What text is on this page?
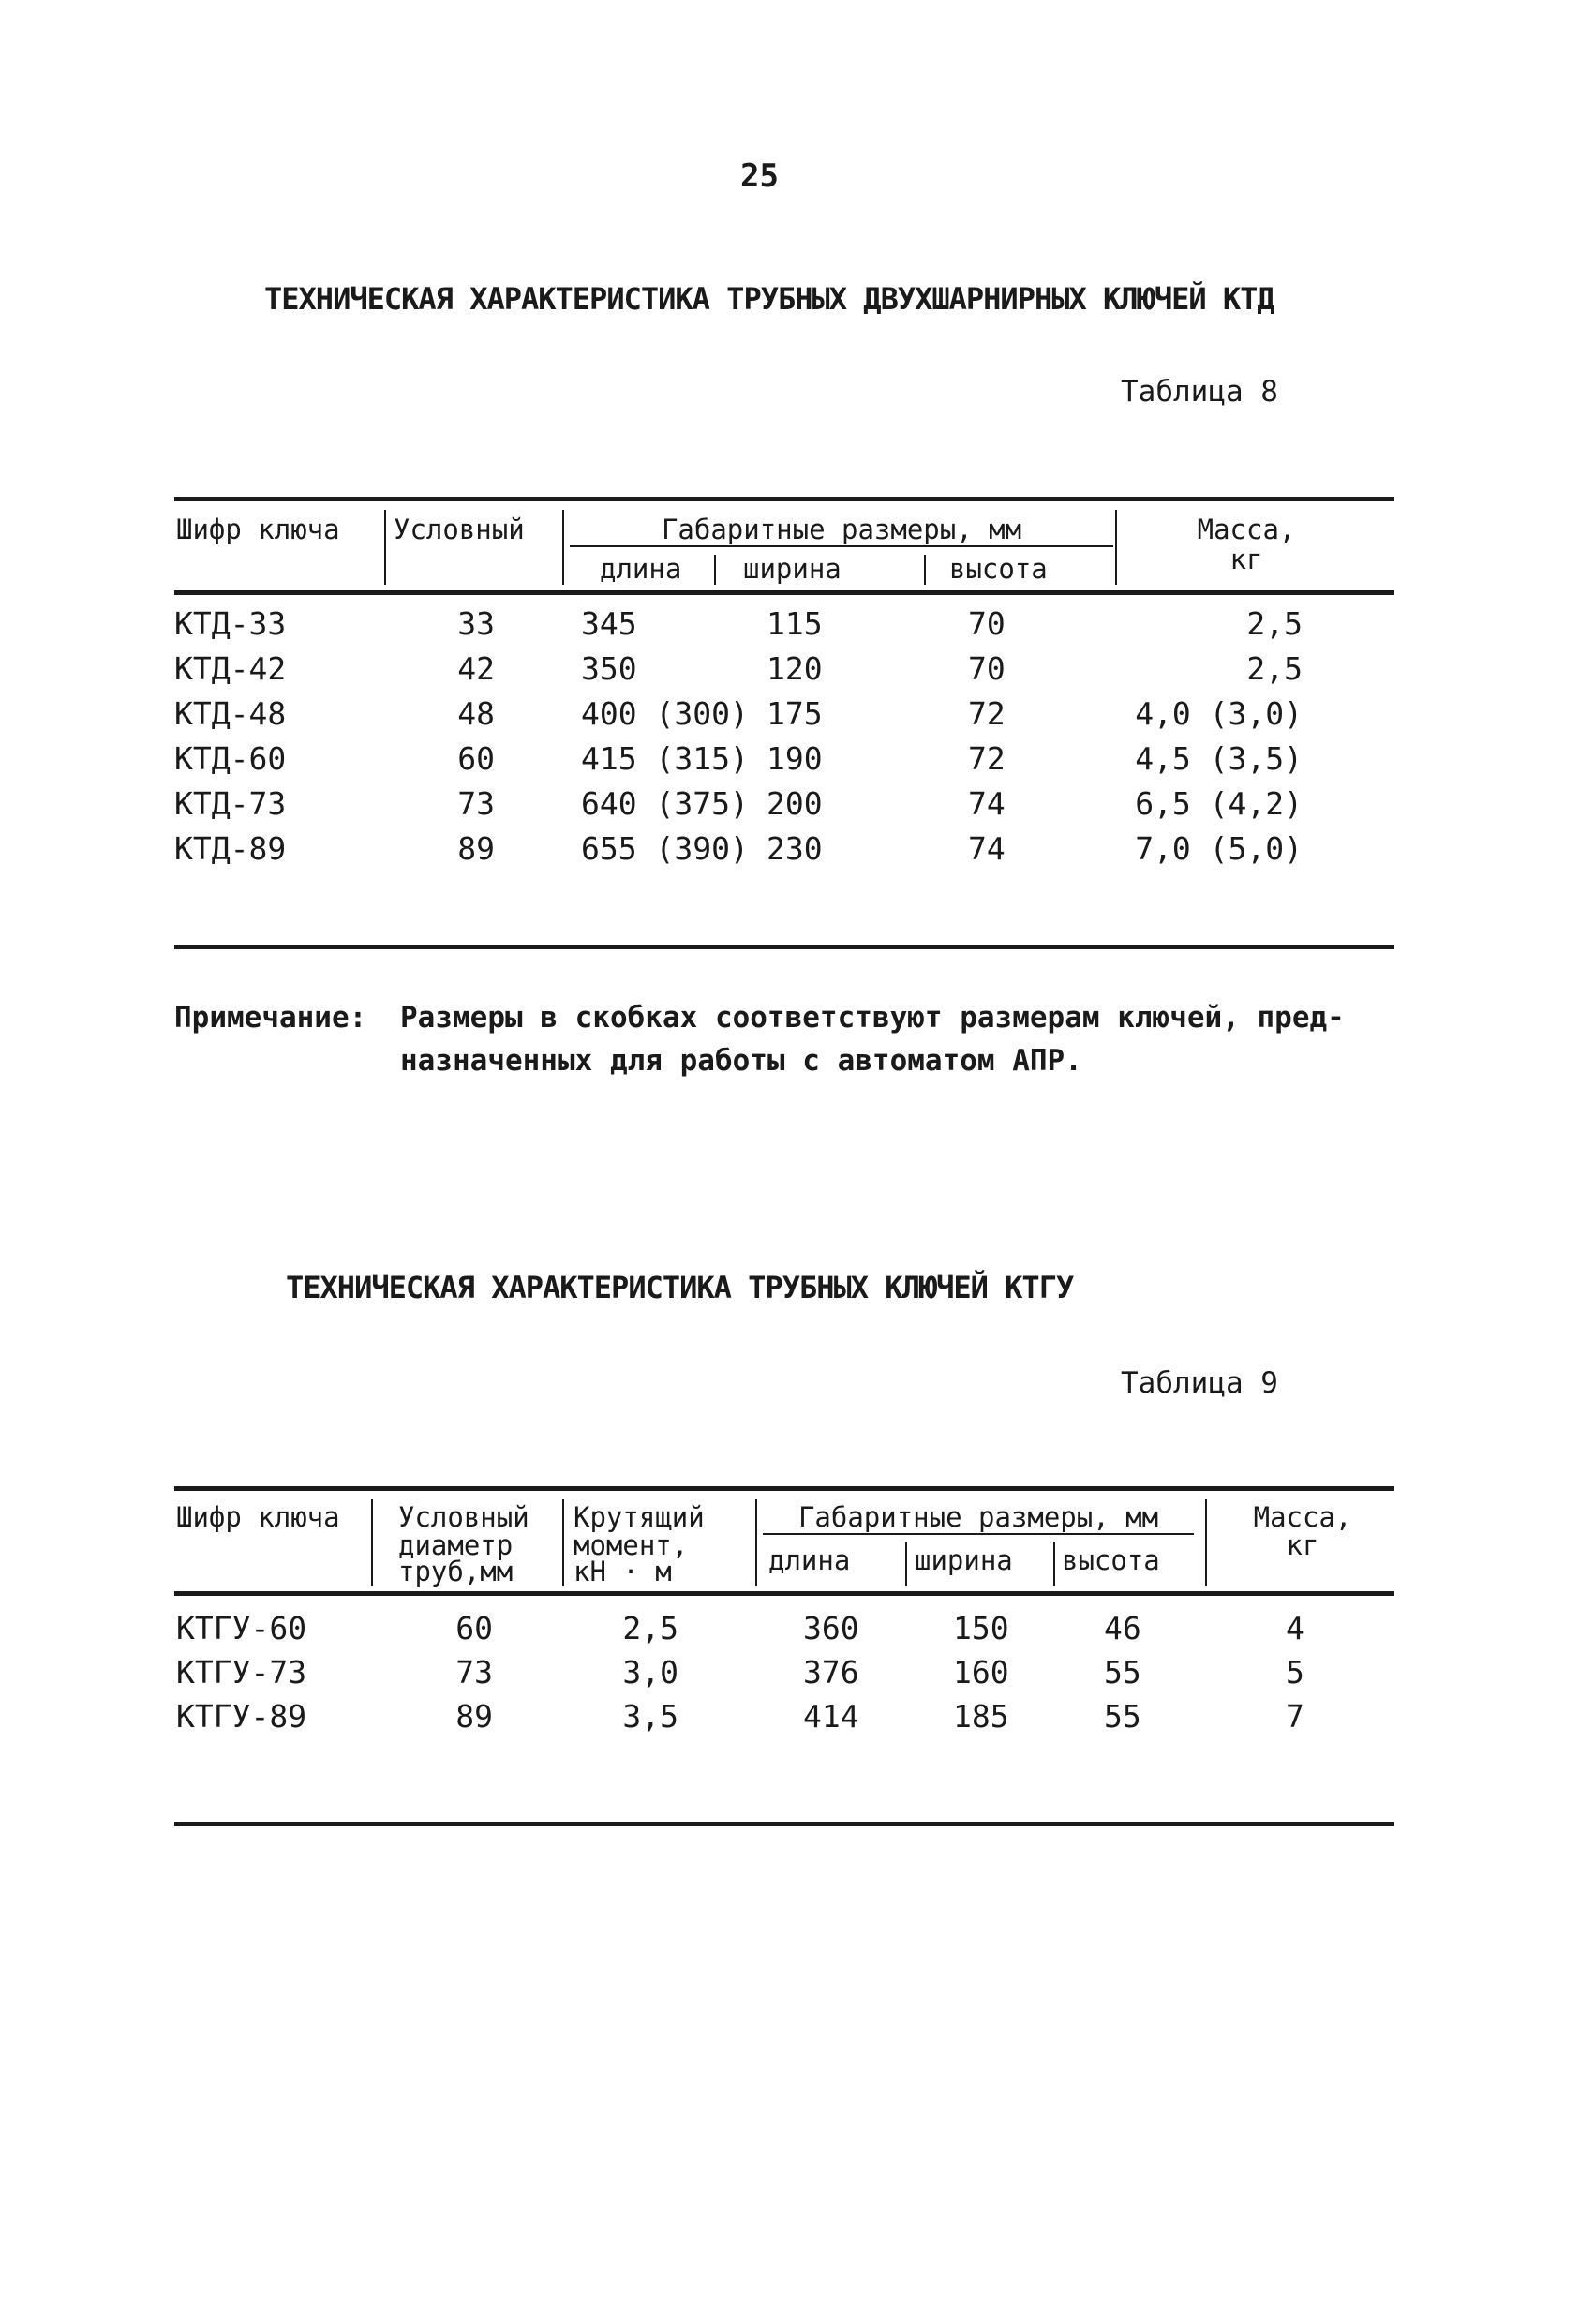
25
ТЕХНИЧЕСКАЯ ХАРАКТЕРИСТИКА ТРУБНЫХ ДВУХШАРНИРНЫХ КЛЮЧЕЙ КТД
Таблица 8
Шифр ключа Условный	Габаритные размеры, мм
длина ширина	высота
Масса,
кг
КТД-33	33	345	115	70	2,5
КТД-42	42	350	120	70	2,5
КТД-48	48	400 (300) 175	72	4,0 (3,0)
КТД-60	60	415 (315) 190	72	4,5 (3,5)
КТД-73	73	640 (375) 200	74	6,5 (4,2)
КТД-89	89	655 (390) 230	74	7,0 (5,0)
Примечание: Размеры в скобках соответствуют размерам ключей, пред-
назначенных для работы с автоматом АПР.
ТЕХНИЧЕСКАЯ ХАРАКТЕРИСТИКА ТРУБНЫХ КЛЮЧЕЙ КТГУ
Таблица 9
Шифр ключа Условный
диаметр
труб,мм
Крутящий
момент,
кН · м
Габаритные размеры, мм
длина ширина высота
Масса,
кг
КТГУ-60	60	2,5	360	150	46	4
КТГУ-73	73	3,0	376	160	55	5
КТГУ-89	89	3,5	414	185	55	7
